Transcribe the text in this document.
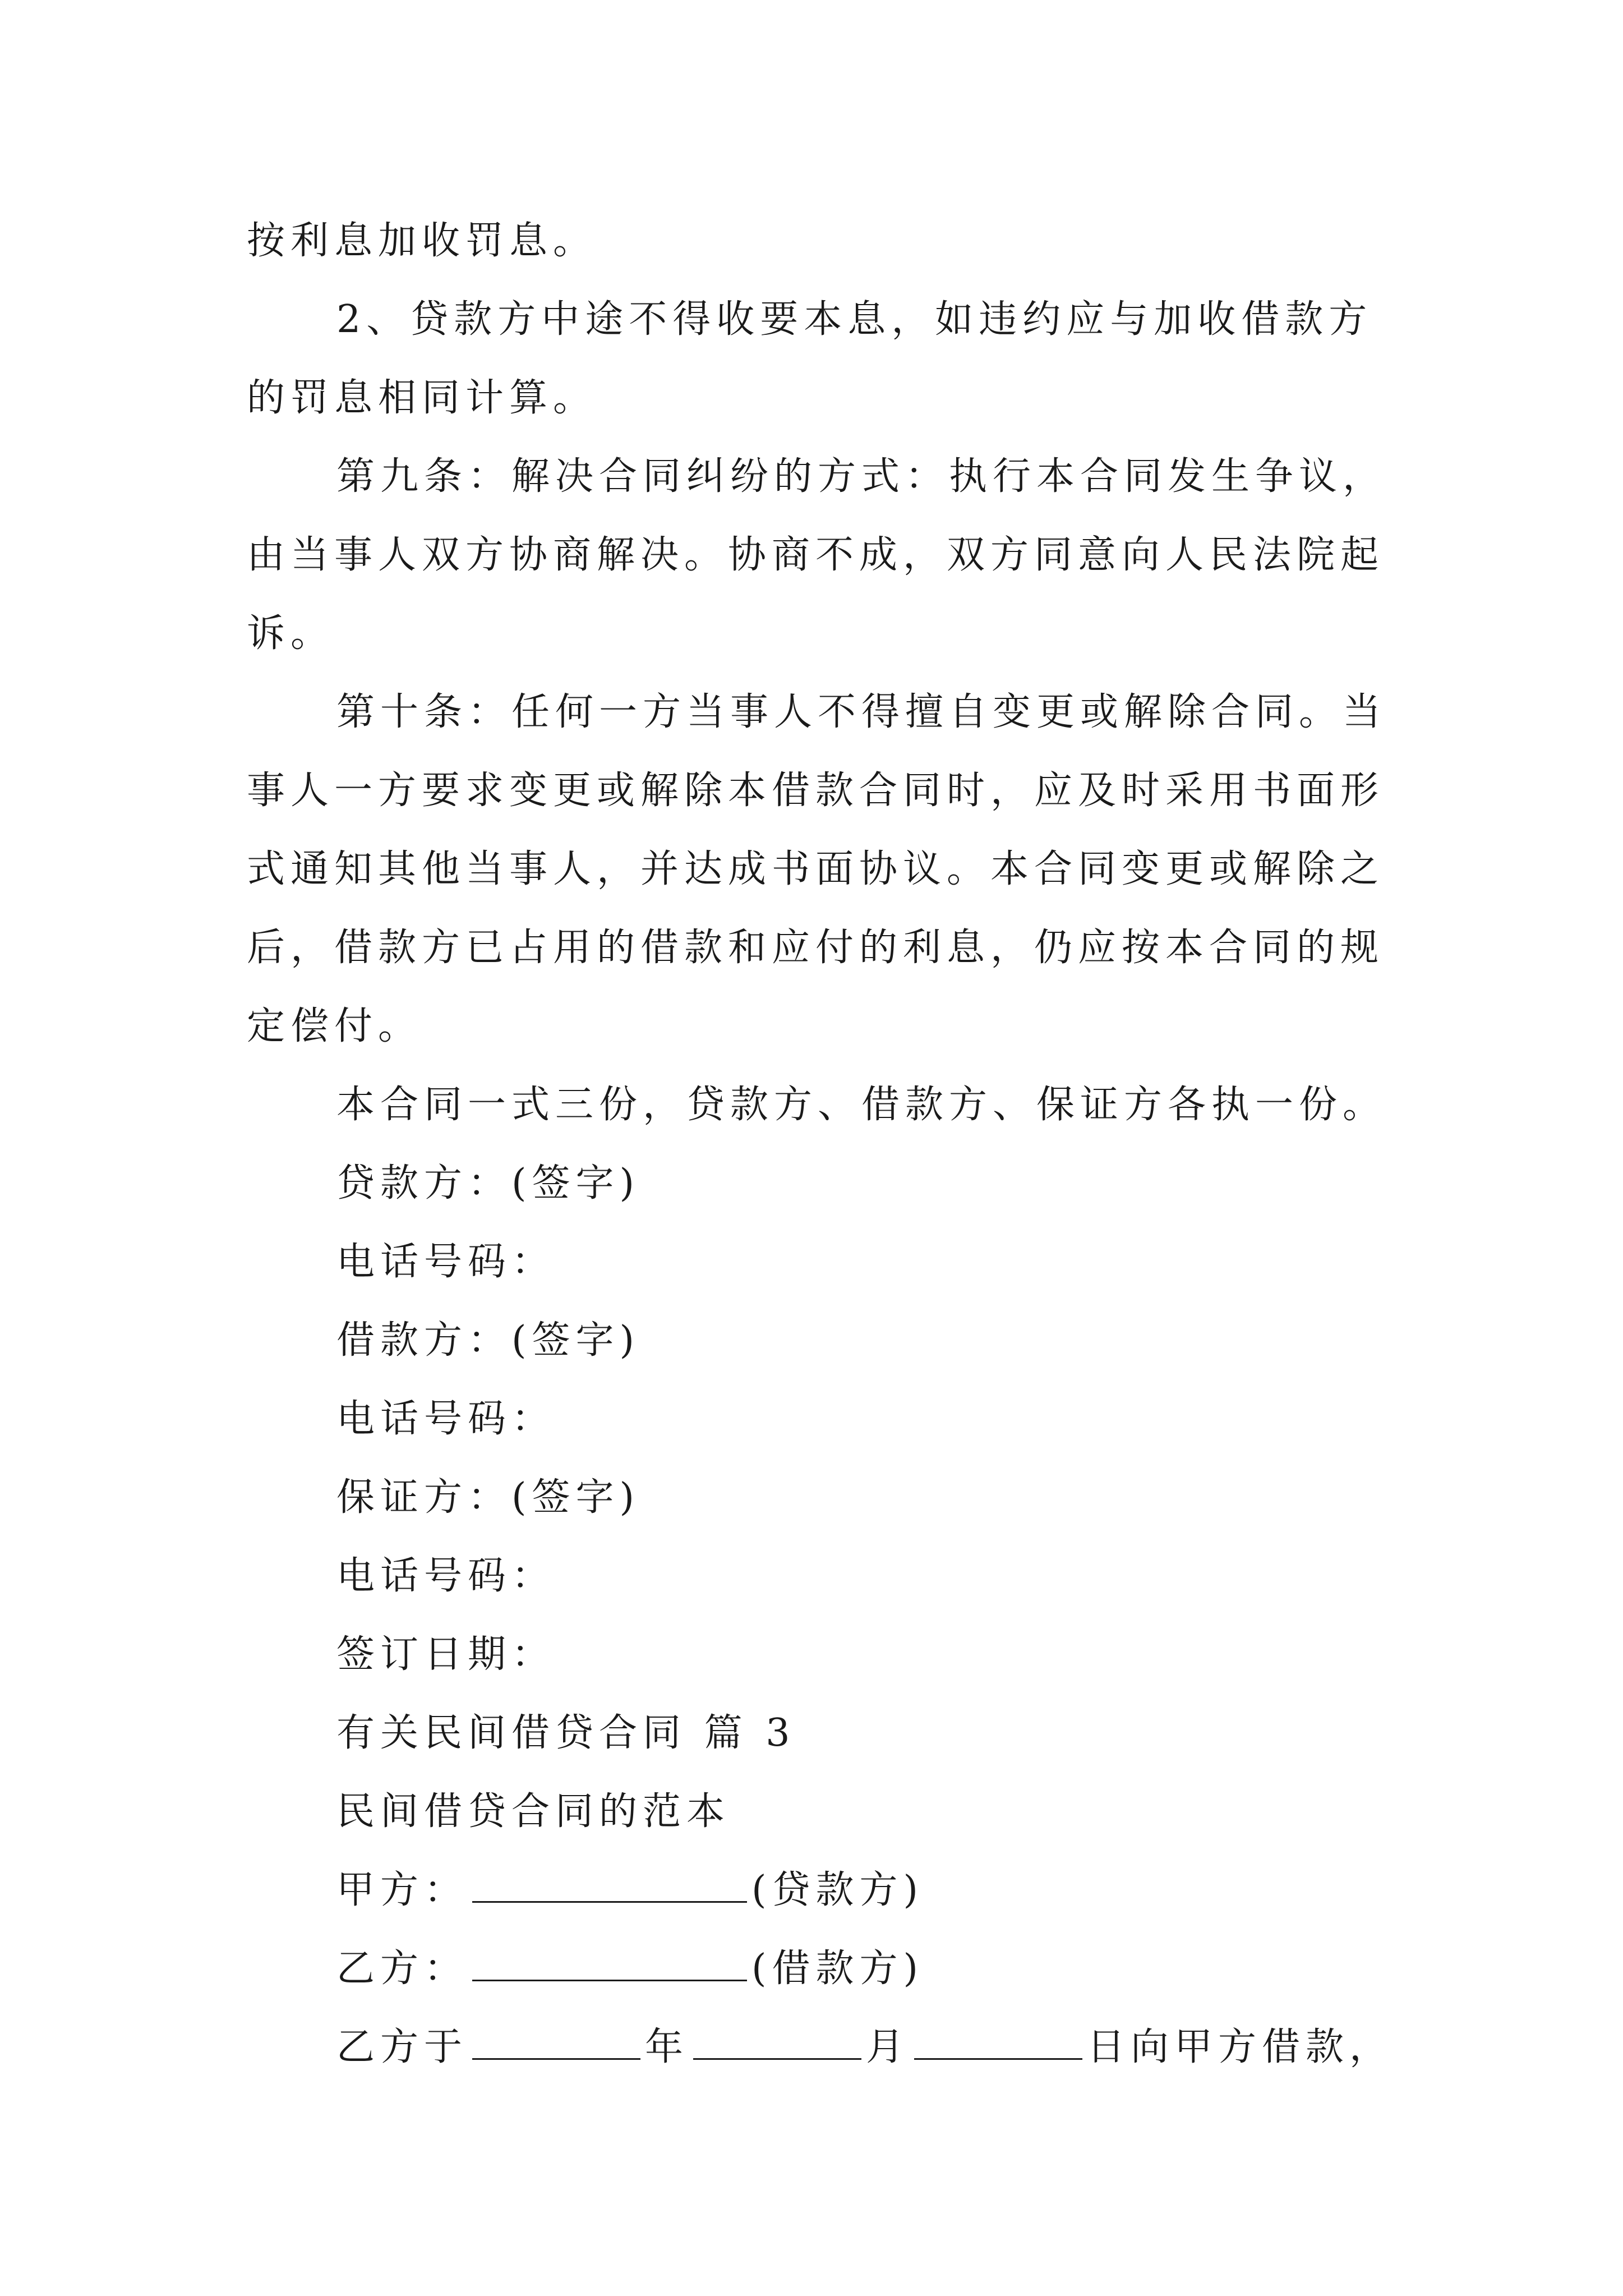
按利息加收罚息。

2、贷款方中途不得收要本息，如违约应与加收借款方

的罚息相同计算。

第九条：解决合同纠纷的方式：执行本合同发生争议，

由当事人双方协商解决。协商不成，双方同意向人民法院起

诉。

第十条：任何一方当事人不得擅自变更或解除合同。当

事人一方要求变更或解除本借款合同时，应及时采用书面形

式通知其他当事人，并达成书面协议。本合同变更或解除之

后，借款方已占用的借款和应付的利息，仍应按本合同的规

定偿付。

本合同一式三份，贷款方、借款方、保证方各执一份。

贷款方：(签字)

电话号码：

借款方：(签字)

电话号码：

保证方：(签字)

电话号码：

签订日期：

有关民间借贷合同 篇 3

民间借贷合同的范本

甲方：	(贷款方)

乙方：	(借款方)

乙方于	年	月	日向甲方借款，
